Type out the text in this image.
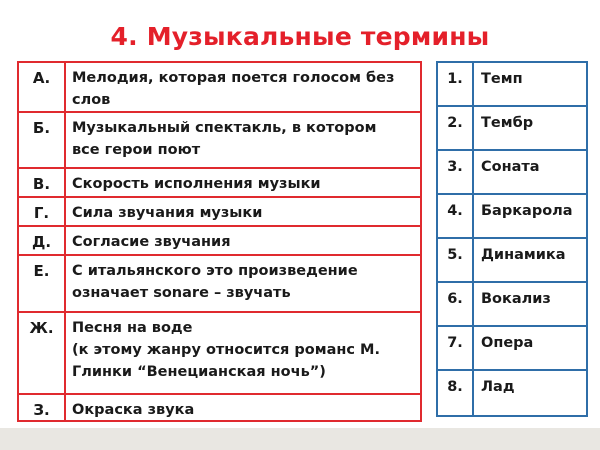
4. Музыкальные термины
А.	Мелодия, которая поется голосом без
слов
Б.	Музыкальный спектакль, в котором
все герои поют
В.	Скорость исполнения музыки
Г.	Сила звучания музыки
Д.	Согласие звучания
Е.	С итальянского это произведение
означает sonare – звучать
Ж.	Песня на воде
(к этому жанру относится романс М.
Глинки “Венецианская ночь”)
З.	Окраска звука
1.	Темп
2.	Тембр
3.	Соната
4.	Баркарола
5.	Динамика
6.	Вокализ
7.	Опера
8.	Лад
